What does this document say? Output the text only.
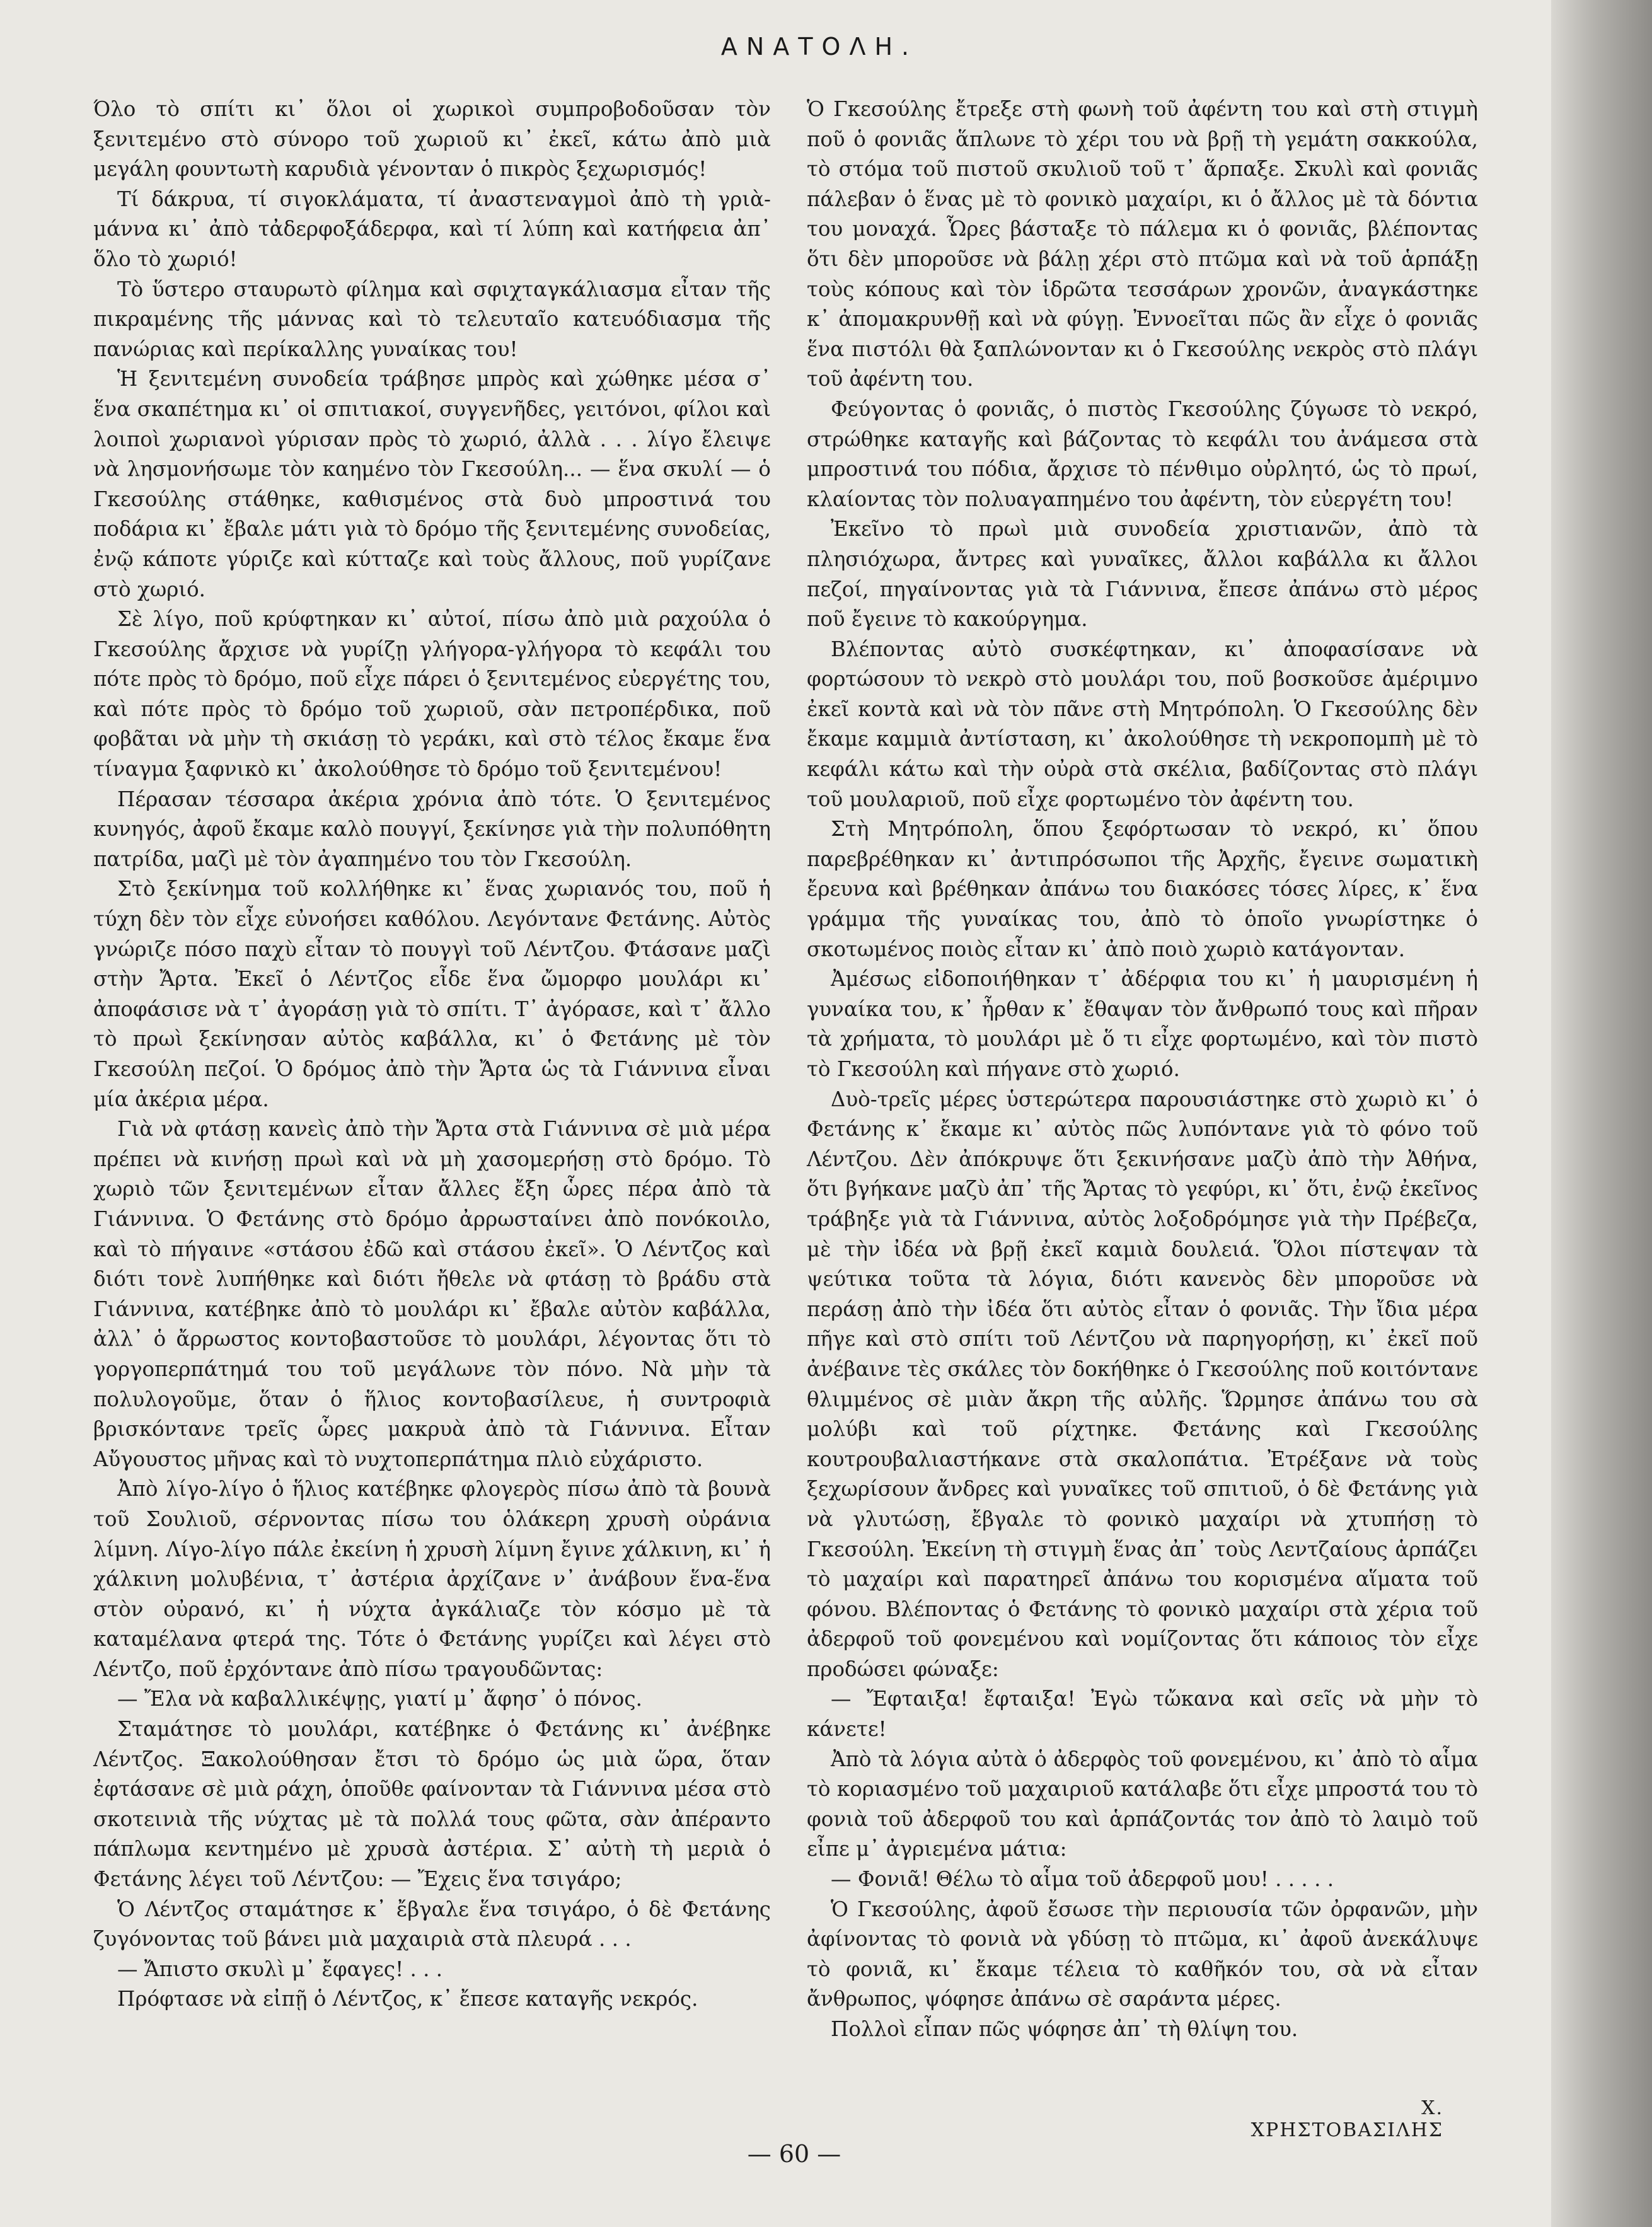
ΑΝΑΤΟΛΗ.

Όλο τὸ σπίτι κι᾽ ὅλοι οἱ χωρικοὶ συμπροβοδοῦσαν τὸν ξενιτεμένο στὸ σύνορο τοῦ χωριοῦ κι᾽ ἐκεῖ, κάτω ἀπὸ μιὰ μεγάλη φουντωτὴ καρυδιὰ γένονταν ὁ πικρὸς ξεχωρισμός!

Τί δάκρυα, τί σιγοκλάματα, τί ἀναστεναγμοὶ ἀπὸ τὴ γριὰ-μάννα κι᾽ ἀπὸ τἀδερφοξάδερφα, καὶ τί λύπη καὶ κατήφεια ἀπ᾽ ὅλο τὸ χωριό!

Τὸ ὕστερο σταυρωτὸ φίλημα καὶ σφιχταγκάλιασμα εἶταν τῆς πικραμένης τῆς μάννας καὶ τὸ τελευταῖο κατευόδιασμα τῆς πανώριας καὶ περίκαλλης γυναίκας του!

Ἡ ξενιτεμένη συνοδεία τράβησε μπρὸς καὶ χώθηκε μέσα σ᾽ ἕνα σκαπέτημα κι᾽ οἱ σπιτιακοί, συγγενῆδες, γειτόνοι, φίλοι καὶ λοιποὶ χωριανοὶ γύρισαν πρὸς τὸ χωριό, ἀλλὰ . . . λίγο ἔλειψε νὰ λησμονήσωμε τὸν καημένο τὸν Γκεσούλη... — ἕνα σκυλί — ὁ Γκεσούλης στάθηκε, καθισμένος στὰ δυὸ μπροστινά του ποδάρια κι᾽ ἔβαλε μάτι γιὰ τὸ δρόμο τῆς ξενιτεμένης συνοδείας, ἐνῷ κάποτε γύριζε καὶ κύτταζε καὶ τοὺς ἄλλους, ποῦ γυρίζανε στὸ χωριό.

Σὲ λίγο, ποῦ κρύφτηκαν κι᾽ αὐτοί, πίσω ἀπὸ μιὰ ραχούλα ὁ Γκεσούλης ἄρχισε νὰ γυρίζῃ γλήγορα-γλήγορα τὸ κεφάλι του πότε πρὸς τὸ δρόμο, ποῦ εἶχε πάρει ὁ ξενιτεμένος εὐεργέτης του, καὶ πότε πρὸς τὸ δρόμο τοῦ χωριοῦ, σὰν πετροπέρδικα, ποῦ φοβᾶται νὰ μὴν τὴ σκιάσῃ τὸ γεράκι, καὶ στὸ τέλος ἔκαμε ἕνα τίναγμα ξαφνικὸ κι᾽ ἀκολούθησε τὸ δρόμο τοῦ ξενιτεμένου!

Πέρασαν τέσσαρα ἀκέρια χρόνια ἀπὸ τότε. Ὁ ξενιτεμένος κυνηγός, ἀφοῦ ἔκαμε καλὸ πουγγί, ξεκίνησε γιὰ τὴν πολυπόθητη πατρίδα, μαζὶ μὲ τὸν ἀγαπημένο του τὸν Γκεσούλη.

Στὸ ξεκίνημα τοῦ κολλήθηκε κι᾽ ἕνας χωριανός του, ποῦ ἡ τύχη δὲν τὸν εἶχε εὐνοήσει καθόλου. Λεγόντανε Φετάνης. Αὐτὸς γνώριζε πόσο παχὺ εἶταν τὸ πουγγὶ τοῦ Λέντζου. Φτάσανε μαζὶ στὴν Ἄρτα. Ἐκεῖ ὁ Λέντζος εἶδε ἕνα ὤμορφο μουλάρι κι᾽ ἀποφάσισε νὰ τ᾽ ἀγοράσῃ γιὰ τὸ σπίτι. Τ᾽ ἀγόρασε, καὶ τ᾽ ἄλλο τὸ πρωὶ ξεκίνησαν αὐτὸς καβάλλα, κι᾽ ὁ Φετάνης μὲ τὸν Γκεσούλη πεζοί. Ὁ δρόμος ἀπὸ τὴν Ἄρτα ὡς τὰ Γιάννινα εἶναι μία ἀκέρια μέρα.

Γιὰ νὰ φτάσῃ κανεὶς ἀπὸ τὴν Ἄρτα στὰ Γιάννινα σὲ μιὰ μέρα πρέπει νὰ κινήσῃ πρωὶ καὶ νὰ μὴ χασομερήσῃ στὸ δρόμο. Τὸ χωριὸ τῶν ξενιτεμένων εἶταν ἄλλες ἔξη ὧρες πέρα ἀπὸ τὰ Γιάννινα. Ὁ Φετάνης στὸ δρόμο ἀρρωσταίνει ἀπὸ πονόκοιλο, καὶ τὸ πήγαινε «στάσου ἐδῶ καὶ στάσου ἐκεῖ». Ὁ Λέντζος καὶ διότι τονὲ λυπήθηκε καὶ διότι ἤθελε νὰ φτάσῃ τὸ βράδυ στὰ Γιάννινα, κατέβηκε ἀπὸ τὸ μουλάρι κι᾽ ἔβαλε αὐτὸν καβάλλα, ἀλλ᾽ ὁ ἄρρωστος κοντοβαστοῦσε τὸ μουλάρι, λέγοντας ὅτι τὸ γοργοπερπάτημά του τοῦ μεγάλωνε τὸν πόνο. Νὰ μὴν τὰ πολυλογοῦμε, ὅταν ὁ ἥλιος κοντοβασίλευε, ἡ συντροφιὰ βρισκόντανε τρεῖς ὧρες μακρυὰ ἀπὸ τὰ Γιάννινα. Εἶταν Αὔγουστος μῆνας καὶ τὸ νυχτοπερπάτημα πλιὸ εὐχάριστο.

Ἀπὸ λίγο-λίγο ὁ ἥλιος κατέβηκε φλογερὸς πίσω ἀπὸ τὰ βουνὰ τοῦ Σουλιοῦ, σέρνοντας πίσω του ὁλάκερη χρυσὴ οὐράνια λίμνη. Λίγο-λίγο πάλε ἐκείνη ἡ χρυσὴ λίμνη ἔγινε χάλκινη, κι᾽ ἡ χάλκινη μολυβένια, τ᾽ ἀστέρια ἀρχίζανε ν᾽ ἀνάβουν ἕνα-ἕνα στὸν οὐρανό, κι᾽ ἡ νύχτα ἀγκάλιαζε τὸν κόσμο μὲ τὰ καταμέλανα φτερά της. Τότε ὁ Φετάνης γυρίζει καὶ λέγει στὸ Λέντζο, ποῦ ἐρχόντανε ἀπὸ πίσω τραγουδῶντας:

— Ἔλα νὰ καβαλλικέψῃς, γιατί μ᾽ ἄφησ᾽ ὁ πόνος.

Σταμάτησε τὸ μουλάρι, κατέβηκε ὁ Φετάνης κι᾽ ἀνέβηκε Λέντζος. Ξακολούθησαν ἔτσι τὸ δρόμο ὡς μιὰ ὥρα, ὅταν ἐφτάσανε σὲ μιὰ ράχη, ὁποῦθε φαίνονταν τὰ Γιάννινα μέσα στὸ σκοτεινιὰ τῆς νύχτας μὲ τὰ πολλά τους φῶτα, σὰν ἀπέραντο πάπλωμα κεντημένο μὲ χρυσὰ ἀστέρια. Σ᾽ αὐτὴ τὴ μεριὰ ὁ Φετάνης λέγει τοῦ Λέντζου: — Ἔχεις ἕνα τσιγάρο;

Ὁ Λέντζος σταμάτησε κ᾽ ἔβγαλε ἕνα τσιγάρο, ὁ δὲ Φετάνης ζυγόνοντας τοῦ βάνει μιὰ μαχαιριὰ στὰ πλευρά . . .

— Ἄπιστο σκυλὶ μ᾽ ἔφαγες! . . .

Πρόφτασε νὰ εἰπῇ ὁ Λέντζος, κ᾽ ἔπεσε καταγῆς νεκρός.

Ὁ Γκεσούλης ἔτρεξε στὴ φωνὴ τοῦ ἀφέντη του καὶ στὴ στιγμὴ ποῦ ὁ φονιᾶς ἅπλωνε τὸ χέρι του νὰ βρῇ τὴ γεμάτη σακκούλα, τὸ στόμα τοῦ πιστοῦ σκυλιοῦ τοῦ τ᾽ ἅρπαξε. Σκυλὶ καὶ φονιᾶς πάλεβαν ὁ ἕνας μὲ τὸ φονικὸ μαχαίρι, κι ὁ ἄλλος μὲ τὰ δόντια του μοναχά. Ὧρες βάσταξε τὸ πάλεμα κι ὁ φονιᾶς, βλέποντας ὅτι δὲν μποροῦσε νὰ βάλῃ χέρι στὸ πτῶμα καὶ νὰ τοῦ ἁρπάξῃ τοὺς κόπους καὶ τὸν ἱδρῶτα τεσσάρων χρονῶν, ἀναγκάστηκε κ᾽ ἀπομακρυνθῇ καὶ νὰ φύγῃ. Ἐννοεῖται πῶς ἂν εἶχε ὁ φονιᾶς ἕνα πιστόλι θὰ ξαπλώνονταν κι ὁ Γκεσούλης νεκρὸς στὸ πλάγι τοῦ ἀφέντη του.

Φεύγοντας ὁ φονιᾶς, ὁ πιστὸς Γκεσούλης ζύγωσε τὸ νεκρό, στρώθηκε καταγῆς καὶ βάζοντας τὸ κεφάλι του ἀνάμεσα στὰ μπροστινά του πόδια, ἄρχισε τὸ πένθιμο οὐρλητό, ὡς τὸ πρωί, κλαίοντας τὸν πολυαγαπημένο του ἀφέντη, τὸν εὐεργέτη του!

Ἐκεῖνο τὸ πρωὶ μιὰ συνοδεία χριστιανῶν, ἀπὸ τὰ πλησιόχωρα, ἄντρες καὶ γυναῖκες, ἄλλοι καβάλλα κι ἄλλοι πεζοί, πηγαίνοντας γιὰ τὰ Γιάννινα, ἔπεσε ἀπάνω στὸ μέρος ποῦ ἔγεινε τὸ κακούργημα.

Βλέποντας αὐτὸ συσκέφτηκαν, κι᾽ ἀποφασίσανε νὰ φορτώσουν τὸ νεκρὸ στὸ μουλάρι του, ποῦ βοσκοῦσε ἀμέριμνο ἐκεῖ κοντὰ καὶ νὰ τὸν πᾶνε στὴ Μητρόπολη. Ὁ Γκεσούλης δὲν ἔκαμε καμμιὰ ἀντίσταση, κι᾽ ἀκολούθησε τὴ νεκροπομπὴ μὲ τὸ κεφάλι κάτω καὶ τὴν οὐρὰ στὰ σκέλια, βαδίζοντας στὸ πλάγι τοῦ μουλαριοῦ, ποῦ εἶχε φορτωμένο τὸν ἀφέντη του.

Στὴ Μητρόπολη, ὅπου ξεφόρτωσαν τὸ νεκρό, κι᾽ ὅπου παρεβρέθηκαν κι᾽ ἀντιπρόσωποι τῆς Ἀρχῆς, ἔγεινε σωματικὴ ἔρευνα καὶ βρέθηκαν ἀπάνω του διακόσες τόσες λίρες, κ᾽ ἕνα γράμμα τῆς γυναίκας του, ἀπὸ τὸ ὁποῖο γνωρίστηκε ὁ σκοτωμένος ποιὸς εἶταν κι᾽ ἀπὸ ποιὸ χωριὸ κατάγονταν.

Ἀμέσως εἰδοποιήθηκαν τ᾽ ἀδέρφια του κι᾽ ἡ μαυρισμένη ἡ γυναίκα του, κ᾽ ἦρθαν κ᾽ ἔθαψαν τὸν ἄνθρωπό τους καὶ πῆραν τὰ χρήματα, τὸ μουλάρι μὲ ὅ τι εἶχε φορτωμένο, καὶ τὸν πιστὸ τὸ Γκεσούλη καὶ πήγανε στὸ χωριό.

Δυὸ-τρεῖς μέρες ὑστερώτερα παρουσιάστηκε στὸ χωριὸ κι᾽ ὁ Φετάνης κ᾽ ἔκαμε κι᾽ αὐτὸς πῶς λυπόντανε γιὰ τὸ φόνο τοῦ Λέντζου. Δὲν ἀπόκρυψε ὅτι ξεκινήσανε μαζὺ ἀπὸ τὴν Ἀθήνα, ὅτι βγήκανε μαζὺ ἀπ᾽ τῆς Ἄρτας τὸ γεφύρι, κι᾽ ὅτι, ἐνῷ ἐκεῖνος τράβηξε γιὰ τὰ Γιάννινα, αὐτὸς λοξοδρόμησε γιὰ τὴν Πρέβεζα, μὲ τὴν ἰδέα νὰ βρῇ ἐκεῖ καμιὰ δουλειά. Ὅλοι πίστεψαν τὰ ψεύτικα τοῦτα τὰ λόγια, διότι κανενὸς δὲν μποροῦσε νὰ περάσῃ ἀπὸ τὴν ἰδέα ὅτι αὐτὸς εἶταν ὁ φονιᾶς. Τὴν ἴδια μέρα πῆγε καὶ στὸ σπίτι τοῦ Λέντζου νὰ παρηγορήσῃ, κι᾽ ἐκεῖ ποῦ ἀνέβαινε τὲς σκάλες τὸν δοκήθηκε ὁ Γκεσούλης ποῦ κοιτόντανε θλιμμένος σὲ μιὰν ἄκρη τῆς αὐλῆς. Ὥρμησε ἀπάνω του σὰ μολύβι καὶ τοῦ ρίχτηκε. Φετάνης καὶ Γκεσούλης κουτρουβαλιαστήκανε στὰ σκαλοπάτια. Ἐτρέξανε νὰ τοὺς ξεχωρίσουν ἄνδρες καὶ γυναῖκες τοῦ σπιτιοῦ, ὁ δὲ Φετάνης γιὰ νὰ γλυτώσῃ, ἔβγαλε τὸ φονικὸ μαχαίρι νὰ χτυπήσῃ τὸ Γκεσούλη. Ἐκείνη τὴ στιγμὴ ἕνας ἀπ᾽ τοὺς Λεντζαίους ἁρπάζει τὸ μαχαίρι καὶ παρατηρεῖ ἀπάνω του κορισμένα αἵματα τοῦ φόνου. Βλέποντας ὁ Φετάνης τὸ φονικὸ μαχαίρι στὰ χέρια τοῦ ἀδερφοῦ τοῦ φονεμένου καὶ νομίζοντας ὅτι κάποιος τὸν εἶχε προδώσει φώναξε:

— Ἔφταιξα! ἔφταιξα! Ἐγὼ τὤκανα καὶ σεῖς νὰ μὴν τὸ κάνετε!

Ἀπὸ τὰ λόγια αὐτὰ ὁ ἀδερφὸς τοῦ φονεμένου, κι᾽ ἀπὸ τὸ αἷμα τὸ κοριασμένο τοῦ μαχαιριοῦ κατάλαβε ὅτι εἶχε μπροστά του τὸ φονιὰ τοῦ ἀδερφοῦ του καὶ ἁρπάζοντάς τον ἀπὸ τὸ λαιμὸ τοῦ εἶπε μ᾽ ἀγριεμένα μάτια:

— Φονιᾶ! Θέλω τὸ αἷμα τοῦ ἀδερφοῦ μου! . . . . .

Ὁ Γκεσούλης, ἀφοῦ ἔσωσε τὴν περιουσία τῶν ὀρφανῶν, μὴν ἀφίνοντας τὸ φονιὰ νὰ γδύσῃ τὸ πτῶμα, κι᾽ ἀφοῦ ἀνεκάλυψε τὸ φονιᾶ, κι᾽ ἔκαμε τέλεια τὸ καθῆκόν του, σὰ νὰ εἶταν ἄνθρωπος, ψόφησε ἀπάνω σὲ σαράντα μέρες.

Πολλοὶ εἶπαν πῶς ψόφησε ἀπ᾽ τὴ θλίψη του.

Χ. ΧΡΗΣΤΟΒΑΣΙΛΗΣ
— 60 —
